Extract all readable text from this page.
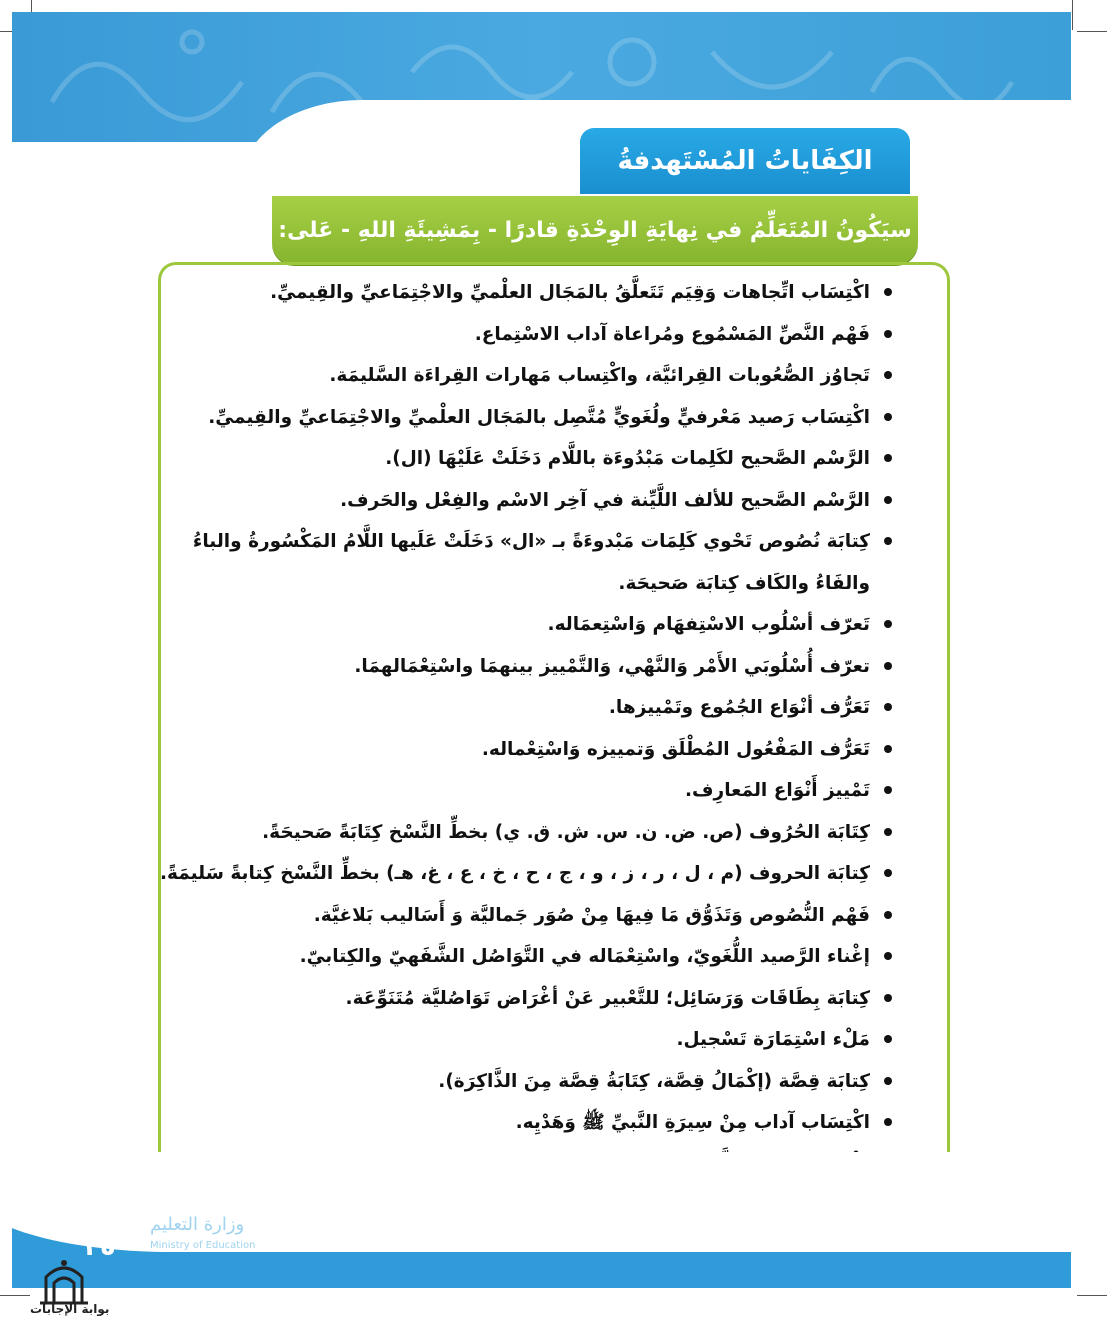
الكِفَاياتُ المُسْتَهدفةُ
سيَكُونُ المُتَعَلِّمُ في نِهايَةِ الوِحْدَةِ قادرًا - بِمَشِيئَةِ اللهِ - عَلى:
اكْتِسَاب اتِّجاهات وَقِيَم تَتَعلَّقُ بالمَجَال العلْميِّ والاجْتِمَاعيِّ والقِيميِّ.
فَهْم النَّصِّ المَسْمُوع ومُراعاة آداب الاسْتِماع.
تَجاوُز الصُّعُوبات القِرائيَّة، واكْتِساب مَهارات القِراءَة السَّليمَة.
اكْتِسَاب رَصيد مَعْرفيٍّ ولُغَويٍّ مُتَّصِل بالمَجَال العلْميِّ والاجْتِمَاعيِّ والقِيميِّ.
الرَّسْم الصَّحيح لكَلِمات مَبْدُوءَة باللَّام دَخَلَتْ عَلَيْهَا (ال).
الرَّسْم الصَّحيح للألف اللَّيِّنة في آخِر الاسْم والفِعْل والحَرف.
كِتابَة نُصُوص تَحْوي كَلِمَات مَبْدوءَةً بـ «ال» دَخَلَتْ عَلَيها اللَّامُ المَكْسُورةُ والباءُ والفَاءُ والكَاف كِتابَة صَحيحَة.
تَعرّف أسْلُوب الاسْتِفهَام وَاسْتِعمَاله.
تعرّف أُسْلُوبَي الأَمْر وَالنَّهْي، وَالتَّمْييز بينهمَا واسْتِعْمَالهمَا.
تَعَرُّف أنْوَاع الجُمُوع وتَمْييزها.
تَعَرُّف المَفْعُول المُطْلَق وَتمييزه وَاسْتِعْماله.
تَمْييز أَنْوَاع المَعارِف.
كِتَابَة الحُرُوف (ص. ض. ن. س. ش. ق. ي) بخطِّ النَّسْخ كِتَابَةً صَحيحَةً.
كِتابَة الحروف (م ، ل ، ر ، ز ، و ، ج ، ح ، خ ، ع ، غ، هـ) بخطِّ النَّسْخ كِتابةً سَليمَةً.
فَهْم النُّصُوص وَتَذَوُّق مَا فِيهَا مِنْ صُوَر جَماليَّة وَ أَسَاليب بَلاغيَّة.
إغْناء الرَّصيد اللُّغَويّ، واسْتِعْمَاله في التَّوَاصُل الشَّفَهيّ والكِتابيّ.
كِتابَة بِطَاقَات وَرَسَائِل؛ للتَّعْبير عَنْ أغْرَاض تَوَاصُليَّة مُتَنَوِّعَة.
مَلْء اسْتِمَارَة تَسْجيل.
كِتابَة قِصَّة (إكْمَالُ قِصَّة، كِتَابَةُ قِصَّة مِنَ الذَّاكِرَة).
اكْتِسَاب آداب مِنْ سِيرَةِ النَّبيِّ ﷺ وَهَدْيِه.
وزارة التعليم
Ministry of Education
٢٥
بوابة الإجابات
